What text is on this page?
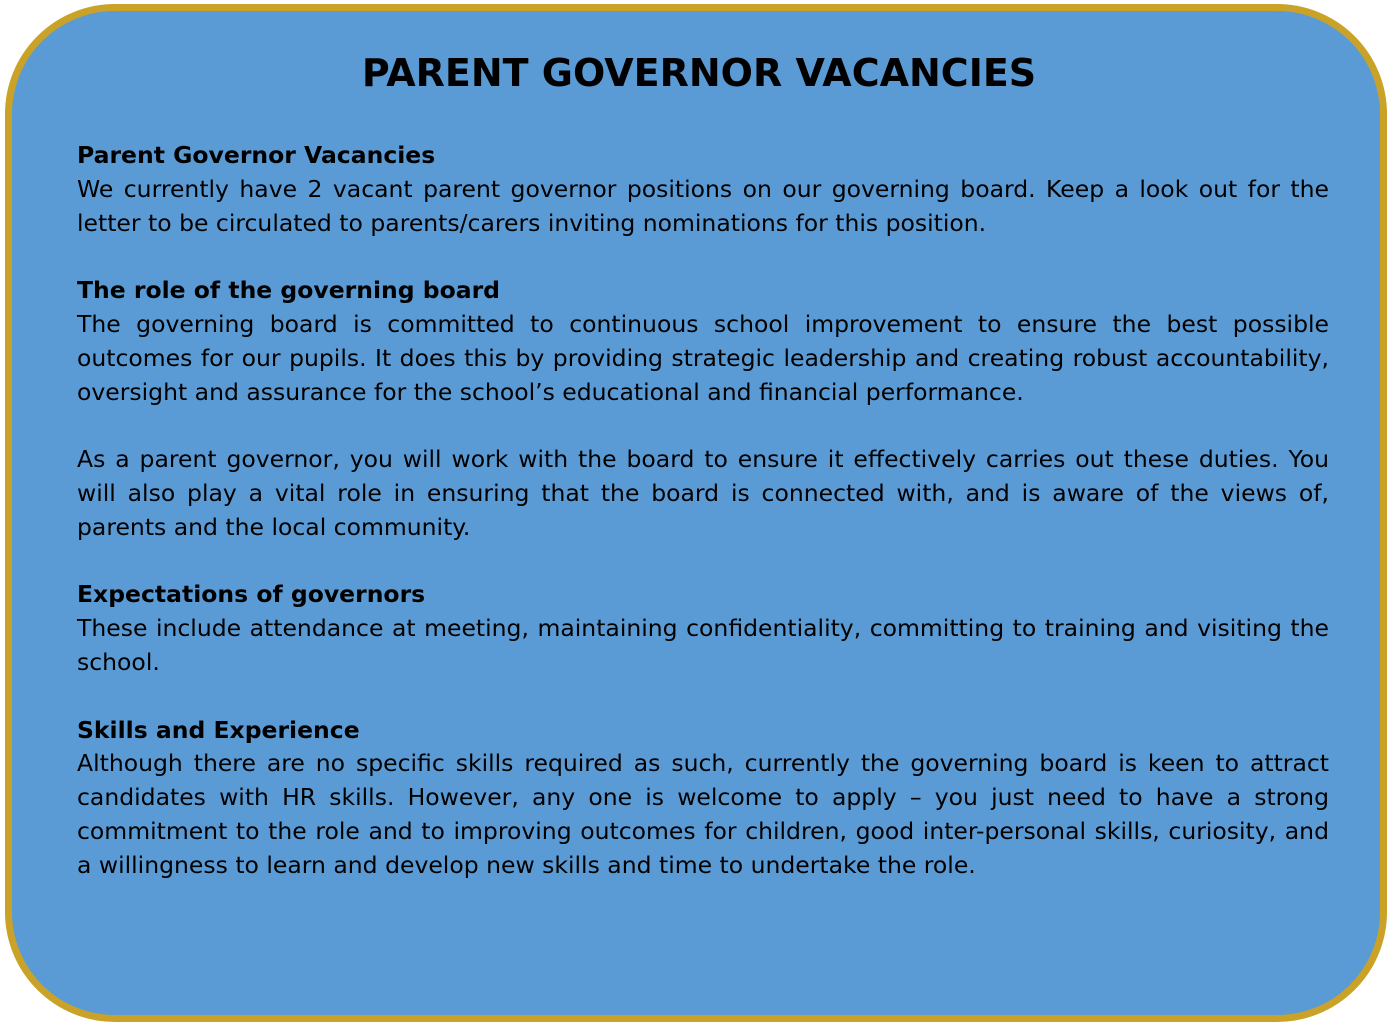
PARENT GOVERNOR VACANCIES
Parent Governor Vacancies
We currently have 2 vacant parent governor positions on our governing board. Keep a look out for the letter to be circulated to parents/carers inviting nominations for this position.
The role of the governing board
The governing board is committed to continuous school improvement to ensure the best possible outcomes for our pupils. It does this by providing strategic leadership and creating robust accountability, oversight and assurance for the school’s educational and financial performance.
As a parent governor, you will work with the board to ensure it effectively carries out these duties. You will also play a vital role in ensuring that the board is connected with, and is aware of the views of, parents and the local community.
Expectations of governors
These include attendance at meeting, maintaining confidentiality, committing to training and visiting the school.
Skills and Experience
Although there are no specific skills required as such, currently the governing board is keen to attract candidates with HR skills. However, any one is welcome to apply – you just need to have a strong commitment to the role and to improving outcomes for children, good inter-personal skills, curiosity, and a willingness to learn and develop new skills and time to undertake the role.
